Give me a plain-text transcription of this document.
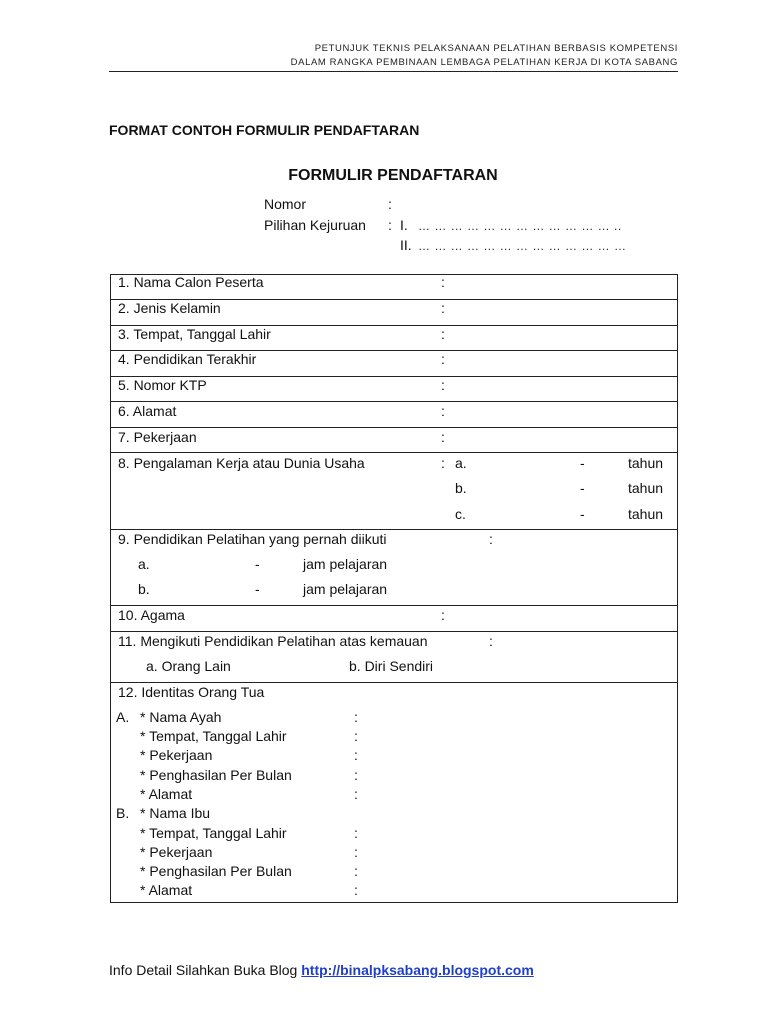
PETUNJUK TEKNIS PELAKSANAAN PELATIHAN BERBASIS KOMPETENSI
DALAM RANGKA PEMBINAAN LEMBAGA PELATIHAN KERJA DI KOTA SABANG
FORMAT CONTOH FORMULIR PENDAFTARAN
FORMULIR PENDAFTARAN
Nomor	:
Pilihan Kejuruan : I. … … … … … … … … … … … … ..
II. … … … … … … … … … … … … …
1. Nama Calon Peserta	:
2. Jenis Kelamin	:
3. Tempat, Tanggal Lahir	:
4. Pendidikan Terakhir	:
5. Nomor KTP	:
6. Alamat	:
7. Pekerjaan	:
8. Pengalaman Kerja atau Dunia Usaha	: a.	-	tahun
b.	-	tahun
c.	-	tahun
9. Pendidikan Pelatihan yang pernah diikuti	:
a.	-	jam pelajaran
b.	-	jam pelajaran
10. Agama	:
11. Mengikuti Pendidikan Pelatihan atas kemauan	:
a. Orang Lain	b. Diri Sendiri
12. Identitas Orang Tua
A. * Nama Ayah	:
* Tempat, Tanggal Lahir	:
* Pekerjaan	:
* Penghasilan Per Bulan	:
* Alamat	:
B. * Nama Ibu
* Tempat, Tanggal Lahir	:
* Pekerjaan	:
* Penghasilan Per Bulan	:
* Alamat	:
Info Detail Silahkan Buka Blog http://binalpksabang.blogspot.com
